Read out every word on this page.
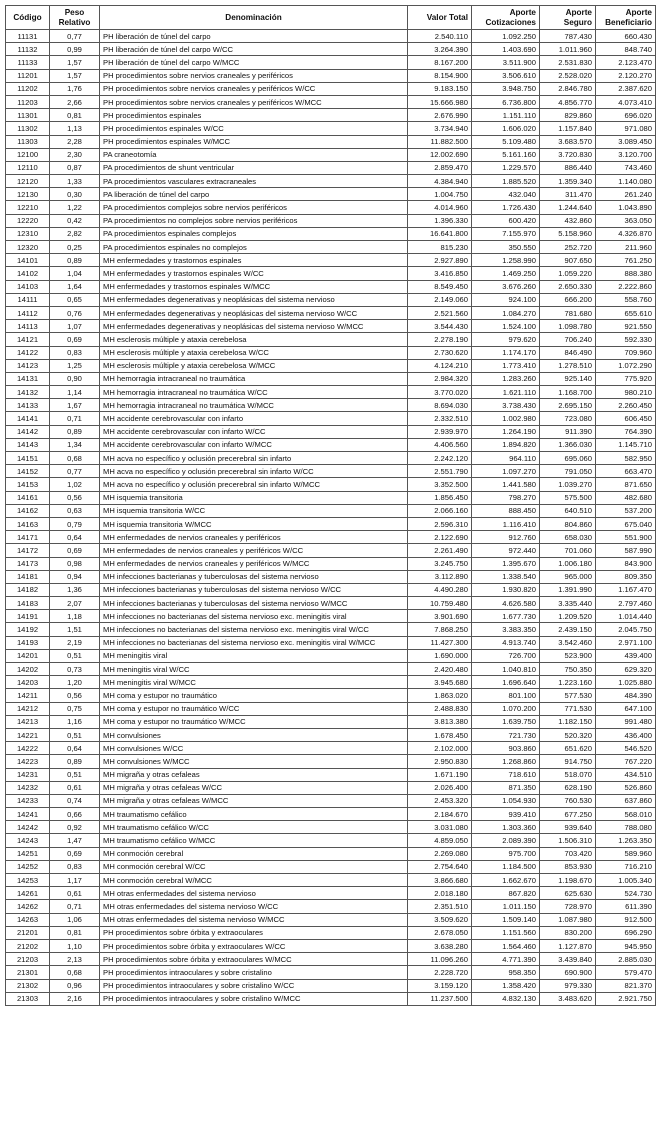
Código	Peso Relativo	Denominación	Valor Total	Aporte Cotizaciones	Aporte Seguro	Aporte Beneficiario
11131	0,77	PH liberación de túnel del carpo	2.540.110	1.092.250	787.430	660.430
11132	0,99	PH liberación de túnel del carpo W/CC	3.264.390	1.403.690	1.011.960	848.740
11133	1,57	PH liberación de túnel del carpo W/MCC	8.167.200	3.511.900	2.531.830	2.123.470
11201	1,57	PH procedimientos sobre nervios craneales y periféricos	8.154.900	3.506.610	2.528.020	2.120.270
11202	1,76	PH procedimientos sobre nervios craneales y periféricos W/CC	9.183.150	3.948.750	2.846.780	2.387.620
11203	2,66	PH procedimientos sobre nervios craneales y periféricos W/MCC	15.666.980	6.736.800	4.856.770	4.073.410
11301	0,81	PH procedimientos espinales	2.676.990	1.151.110	829.860	696.020
11302	1,13	PH procedimientos espinales W/CC	3.734.940	1.606.020	1.157.840	971.080
11303	2,28	PH procedimientos espinales W/MCC	11.882.500	5.109.480	3.683.570	3.089.450
12100	2,30	PA craneotomía	12.002.690	5.161.160	3.720.830	3.120.700
12110	0,87	PA procedimientos de shunt ventricular	2.859.470	1.229.570	886.440	743.460
12120	1,33	PA procedimientos vasculares extracraneales	4.384.940	1.885.520	1.359.340	1.140.080
12130	0,30	PA liberación de túnel del carpo	1.004.750	432.040	311.470	261.240
12210	1,22	PA procedimientos complejos sobre nervios periféricos	4.014.960	1.726.430	1.244.640	1.043.890
12220	0,42	PA procedimientos no complejos sobre nervios periféricos	1.396.330	600.420	432.860	363.050
12310	2,82	PA procedimientos espinales complejos	16.641.800	7.155.970	5.158.960	4.326.870
12320	0,25	PA procedimientos espinales no complejos	815.230	350.550	252.720	211.960
14101	0,89	MH enfermedades y trastornos espinales	2.927.890	1.258.990	907.650	761.250
14102	1,04	MH enfermedades y trastornos espinales W/CC	3.416.850	1.469.250	1.059.220	888.380
14103	1,64	MH enfermedades y trastornos espinales W/MCC	8.549.450	3.676.260	2.650.330	2.222.860
14111	0,65	MH enfermedades degenerativas y neoplásicas del sistema nervioso	2.149.060	924.100	666.200	558.760
14112	0,76	MH enfermedades degenerativas y neoplásicas del sistema nervioso W/CC	2.521.560	1.084.270	781.680	655.610
14113	1,07	MH enfermedades degenerativas y neoplásicas del sistema nervioso W/MCC	3.544.430	1.524.100	1.098.780	921.550
14121	0,69	MH esclerosis múltiple y ataxia cerebelosa	2.278.190	979.620	706.240	592.330
14122	0,83	MH esclerosis múltiple y ataxia cerebelosa W/CC	2.730.620	1.174.170	846.490	709.960
14123	1,25	MH esclerosis múltiple y ataxia cerebelosa W/MCC	4.124.210	1.773.410	1.278.510	1.072.290
14131	0,90	MH hemorragia intracraneal no traumática	2.984.320	1.283.260	925.140	775.920
14132	1,14	MH hemorragia intracraneal no traumática W/CC	3.770.020	1.621.110	1.168.700	980.210
14133	1,67	MH hemorragia intracraneal no traumática W/MCC	8.694.030	3.738.430	2.695.150	2.260.450
14141	0,71	MH accidente cerebrovascular con infarto	2.332.510	1.002.980	723.080	606.450
14142	0,89	MH accidente cerebrovascular con infarto W/CC	2.939.970	1.264.190	911.390	764.390
14143	1,34	MH accidente cerebrovascular con infarto W/MCC	4.406.560	1.894.820	1.366.030	1.145.710
14151	0,68	MH acva no específico y oclusión precerebral sin infarto	2.242.120	964.110	695.060	582.950
14152	0,77	MH acva no específico y oclusión precerebral sin infarto W/CC	2.551.790	1.097.270	791.050	663.470
14153	1,02	MH acva no específico y oclusión precerebral sin infarto W/MCC	3.352.500	1.441.580	1.039.270	871.650
14161	0,56	MH isquemia transitoria	1.856.450	798.270	575.500	482.680
14162	0,63	MH isquemia transitoria W/CC	2.066.160	888.450	640.510	537.200
14163	0,79	MH isquemia transitoria W/MCC	2.596.310	1.116.410	804.860	675.040
14171	0,64	MH enfermedades de nervios craneales y periféricos	2.122.690	912.760	658.030	551.900
14172	0,69	MH enfermedades de nervios craneales y periféricos W/CC	2.261.490	972.440	701.060	587.990
14173	0,98	MH enfermedades de nervios craneales y periféricos W/MCC	3.245.750	1.395.670	1.006.180	843.900
14181	0,94	MH infecciones bacterianas y tuberculosas del sistema nervioso	3.112.890	1.338.540	965.000	809.350
14182	1,36	MH infecciones bacterianas y tuberculosas del sistema nervioso W/CC	4.490.280	1.930.820	1.391.990	1.167.470
14183	2,07	MH infecciones bacterianas y tuberculosas del sistema nervioso W/MCC	10.759.480	4.626.580	3.335.440	2.797.460
14191	1,18	MH infecciones no bacterianas del sistema nervioso exc. meningitis viral	3.901.690	1.677.730	1.209.520	1.014.440
14192	1,51	MH infecciones no bacterianas del sistema nervioso exc. meningitis viral W/CC	7.868.250	3.383.350	2.439.150	2.045.750
14193	2,19	MH infecciones no bacterianas del sistema nervioso exc. meningitis viral W/MCC	11.427.300	4.913.740	3.542.460	2.971.100
14201	0,51	MH meningitis viral	1.690.000	726.700	523.900	439.400
14202	0,73	MH meningitis viral W/CC	2.420.480	1.040.810	750.350	629.320
14203	1,20	MH meningitis viral W/MCC	3.945.680	1.696.640	1.223.160	1.025.880
14211	0,56	MH coma y estupor no traumático	1.863.020	801.100	577.530	484.390
14212	0,75	MH coma y estupor no traumático W/CC	2.488.830	1.070.200	771.530	647.100
14213	1,16	MH coma y estupor no traumático W/MCC	3.813.380	1.639.750	1.182.150	991.480
14221	0,51	MH convulsiones	1.678.450	721.730	520.320	436.400
14222	0,64	MH convulsiones W/CC	2.102.000	903.860	651.620	546.520
14223	0,89	MH convulsiones W/MCC	2.950.830	1.268.860	914.750	767.220
14231	0,51	MH migraña y otras cefaleas	1.671.190	718.610	518.070	434.510
14232	0,61	MH migraña y otras cefaleas W/CC	2.026.400	871.350	628.190	526.860
14233	0,74	MH migraña y otras cefaleas W/MCC	2.453.320	1.054.930	760.530	637.860
14241	0,66	MH traumatismo cefálico	2.184.670	939.410	677.250	568.010
14242	0,92	MH traumatismo cefálico W/CC	3.031.080	1.303.360	939.640	788.080
14243	1,47	MH traumatismo cefálico W/MCC	4.859.050	2.089.390	1.506.310	1.263.350
14251	0,69	MH conmoción cerebral	2.269.080	975.700	703.420	589.960
14252	0,83	MH conmoción cerebral W/CC	2.754.640	1.184.500	853.930	716.210
14253	1,17	MH conmoción cerebral W/MCC	3.866.680	1.662.670	1.198.670	1.005.340
14261	0,61	MH otras enfermedades del sistema nervioso	2.018.180	867.820	625.630	524.730
14262	0,71	MH otras enfermedades del sistema nervioso W/CC	2.351.510	1.011.150	728.970	611.390
14263	1,06	MH otras enfermedades del sistema nervioso W/MCC	3.509.620	1.509.140	1.087.980	912.500
21201	0,81	PH procedimientos sobre órbita y extraoculares	2.678.050	1.151.560	830.200	696.290
21202	1,10	PH procedimientos sobre órbita y extraoculares W/CC	3.638.280	1.564.460	1.127.870	945.950
21203	2,13	PH procedimientos sobre órbita y extraoculares W/MCC	11.096.260	4.771.390	3.439.840	2.885.030
21301	0,68	PH procedimientos intraoculares y sobre cristalino	2.228.720	958.350	690.900	579.470
21302	0,96	PH procedimientos intraoculares y sobre cristalino W/CC	3.159.120	1.358.420	979.330	821.370
21303	2,16	PH procedimientos intraoculares y sobre cristalino W/MCC	11.237.500	4.832.130	3.483.620	2.921.750
